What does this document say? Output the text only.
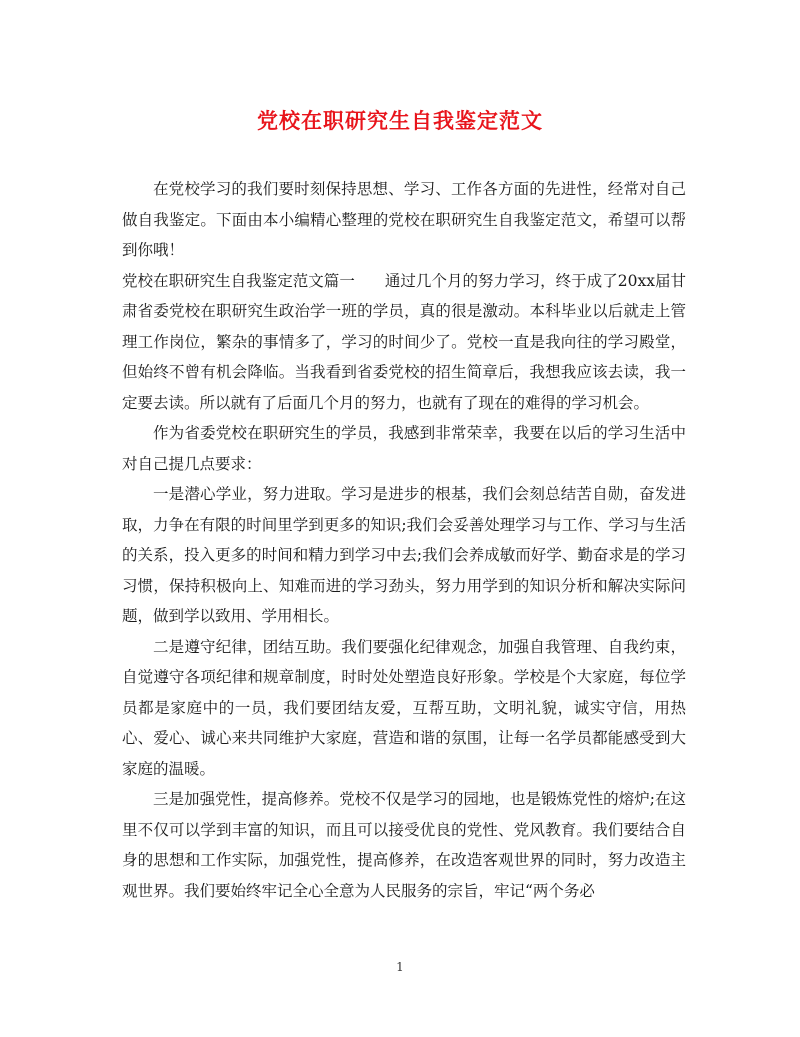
党校在职研究生自我鉴定范文

在党校学习的我们要时刻保持思想、学习、工作各方面的先进性，经常对自己做自我鉴定。下面由本小编精心整理的党校在职研究生自我鉴定范文，希望可以帮到你哦！

党校在职研究生自我鉴定范文篇一 通过几个月的努力学习，终于成了20xx届甘肃省委党校在职研究生政治学一班的学员，真的很是激动。本科毕业以后就走上管理工作岗位，繁杂的事情多了，学习的时间少了。党校一直是我向往的学习殿堂，但始终不曾有机会降临。当我看到省委党校的招生简章后，我想我应该去读，我一定要去读。所以就有了后面几个月的努力，也就有了现在的难得的学习机会。

作为省委党校在职研究生的学员，我感到非常荣幸，我要在以后的学习生活中对自己提几点要求：

一是潜心学业，努力进取。学习是进步的根基，我们会刻总结苦自勋，奋发进取，力争在有限的时间里学到更多的知识;我们会妥善处理学习与工作、学习与生活的关系，投入更多的时间和精力到学习中去;我们会养成敏而好学、勤奋求是的学习习惯，保持积极向上、知难而进的学习劲头，努力用学到的知识分析和解决实际问题，做到学以致用、学用相长。

二是遵守纪律，团结互助。我们要强化纪律观念，加强自我管理、自我约束，自觉遵守各项纪律和规章制度，时时处处塑造良好形象。学校是个大家庭，每位学员都是家庭中的一员，我们要团结友爱，互帮互助，文明礼貌，诚实守信，用热心、爱心、诚心来共同维护大家庭，营造和谐的氛围，让每一名学员都能感受到大家庭的温暖。

三是加强党性，提高修养。党校不仅是学习的园地，也是锻炼党性的熔炉;在这里不仅可以学到丰富的知识，而且可以接受优良的党性、党风教育。我们要结合自身的思想和工作实际，加强党性，提高修养，在改造客观世界的同时，努力改造主观世界。我们要始终牢记全心全意为人民服务的宗旨，牢记“两个务必

1
